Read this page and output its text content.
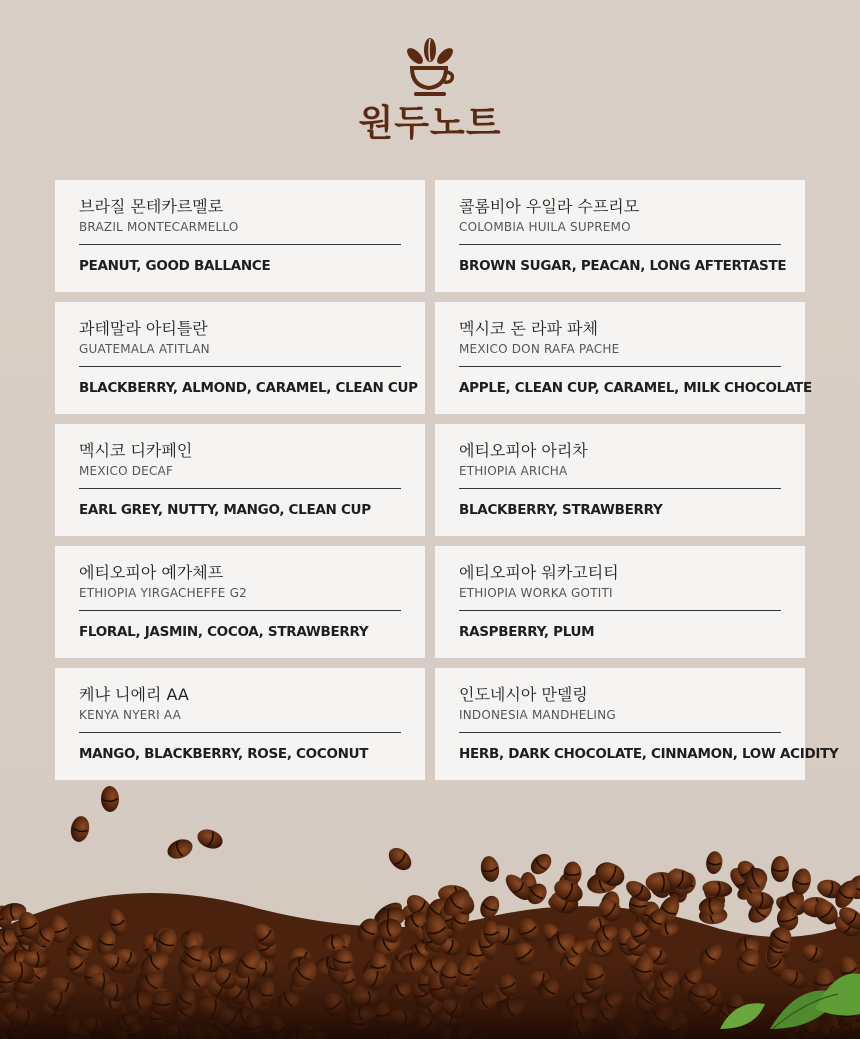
원두노트
브라질 몬테카르멜로
BRAZIL MONTECARMELLO
PEANUT, GOOD BALLANCE
콜롬비아 우일라 수프리모
COLOMBIA HUILA SUPREMO
BROWN SUGAR, PEACAN, LONG AFTERTASTE
과테말라 아티틀란
GUATEMALA ATITLAN
BLACKBERRY, ALMOND, CARAMEL, CLEAN CUP
멕시코 돈 라파 파체
MEXICO DON RAFA PACHE
APPLE, CLEAN CUP, CARAMEL, MILK CHOCOLATE
멕시코 디카페인
MEXICO DECAF
EARL GREY, NUTTY, MANGO, CLEAN CUP
에티오피아 아리차
ETHIOPIA ARICHA
BLACKBERRY, STRAWBERRY
에티오피아 예가체프
ETHIOPIA YIRGACHEFFE G2
FLORAL, JASMIN, COCOA, STRAWBERRY
에티오피아 워카고티티
ETHIOPIA WORKA GOTITI
RASPBERRY, PLUM
케냐 니에리 AA
KENYA NYERI AA
MANGO, BLACKBERRY, ROSE, COCONUT
인도네시아 만델링
INDONESIA MANDHELING
HERB, DARK CHOCOLATE, CINNAMON, LOW ACIDITY
